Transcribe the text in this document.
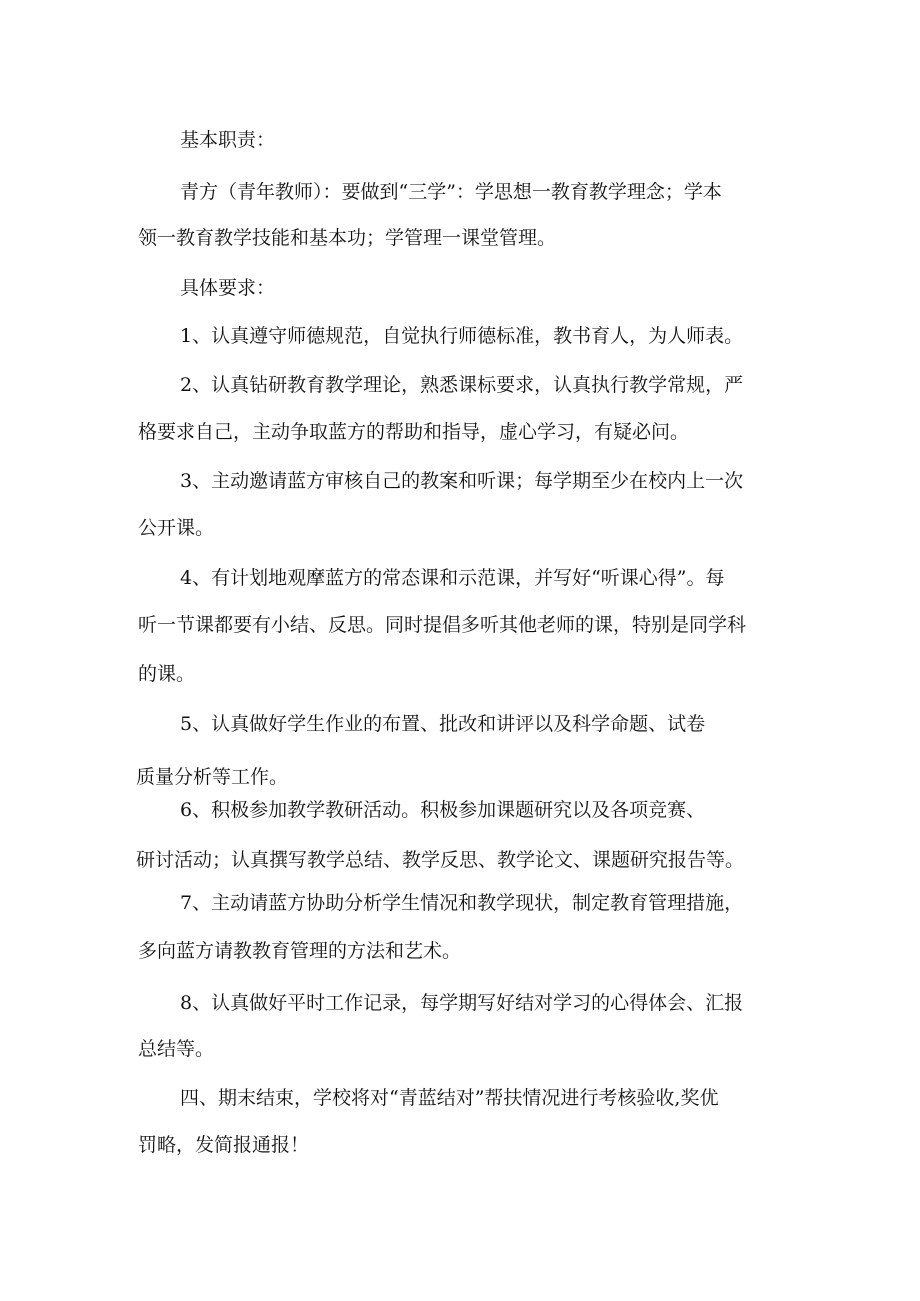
基本职责：

青方（青年教师）：要做到“三学”：学思想一教育教学理念；学本

领一教育教学技能和基本功；学管理一课堂管理。

具体要求：

1、认真遵守师德规范，自觉执行师德标准，教书育人，为人师表。

2、认真钻研教育教学理论，熟悉课标要求，认真执行教学常规，严

格要求自己，主动争取蓝方的帮助和指导，虚心学习，有疑必问。

3、主动邀请蓝方审核自己的教案和听课；每学期至少在校内上一次

公开课。

4、有计划地观摩蓝方的常态课和示范课，并写好“听课心得”。每

听一节课都要有小结、反思。同时提倡多听其他老师的课，特别是同学科

的课。

5、认真做好学生作业的布置、批改和讲评以及科学命题、试卷

质量分析等工作。

6、积极参加教学教研活动。积极参加课题研究以及各项竞赛、

研讨活动；认真撰写教学总结、教学反思、教学论文、课题研究报告等。

7、主动请蓝方协助分析学生情况和教学现状，制定教育管理措施，

多向蓝方请教教育管理的方法和艺术。

8、认真做好平时工作记录，每学期写好结对学习的心得体会、汇报

总结等。

四、期末结束，学校将对“青蓝结对”帮扶情况进行考核验收,奖优

罚略，发简报通报！
